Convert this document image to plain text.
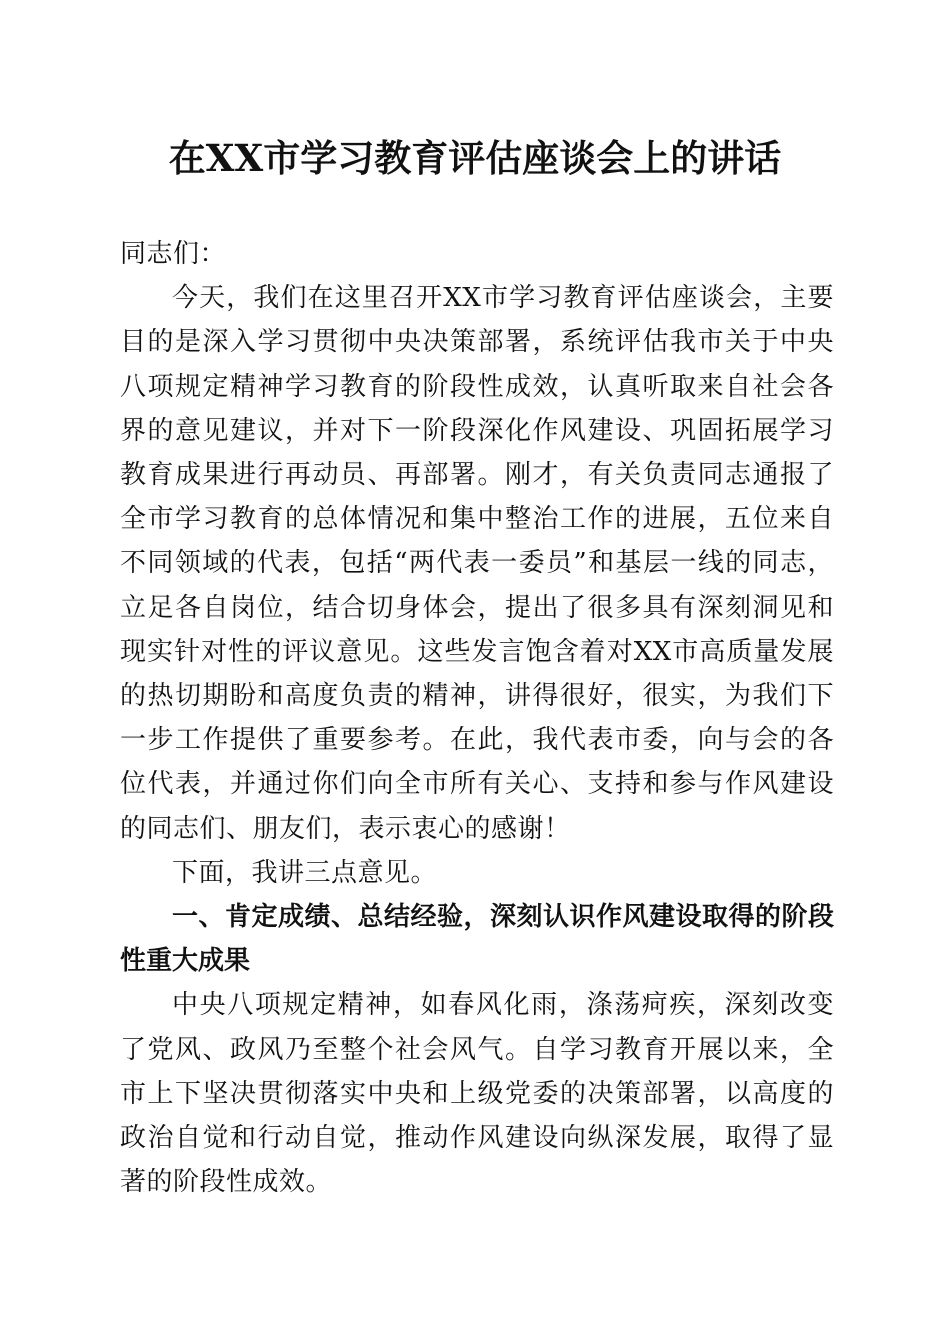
在XX市学习教育评估座谈会上的讲话

同志们：

今天，我们在这里召开XX市学习教育评估座谈会，主要目的是深入学习贯彻中央决策部署，系统评估我市关于中央八项规定精神学习教育的阶段性成效，认真听取来自社会各界的意见建议，并对下一阶段深化作风建设、巩固拓展学习教育成果进行再动员、再部署。刚才，有关负责同志通报了全市学习教育的总体情况和集中整治工作的进展，五位来自不同领域的代表，包括“两代表一委员”和基层一线的同志，立足各自岗位，结合切身体会，提出了很多具有深刻洞见和现实针对性的评议意见。这些发言饱含着对XX市高质量发展的热切期盼和高度负责的精神，讲得很好，很实，为我们下一步工作提供了重要参考。在此，我代表市委，向与会的各位代表，并通过你们向全市所有关心、支持和参与作风建设的同志们、朋友们，表示衷心的感谢！

下面，我讲三点意见。

一、肯定成绩、总结经验，深刻认识作风建设取得的阶段性重大成果

中央八项规定精神，如春风化雨，涤荡疴疾，深刻改变了党风、政风乃至整个社会风气。自学习教育开展以来，全市上下坚决贯彻落实中央和上级党委的决策部署，以高度的政治自觉和行动自觉，推动作风建设向纵深发展，取得了显著的阶段性成效。
